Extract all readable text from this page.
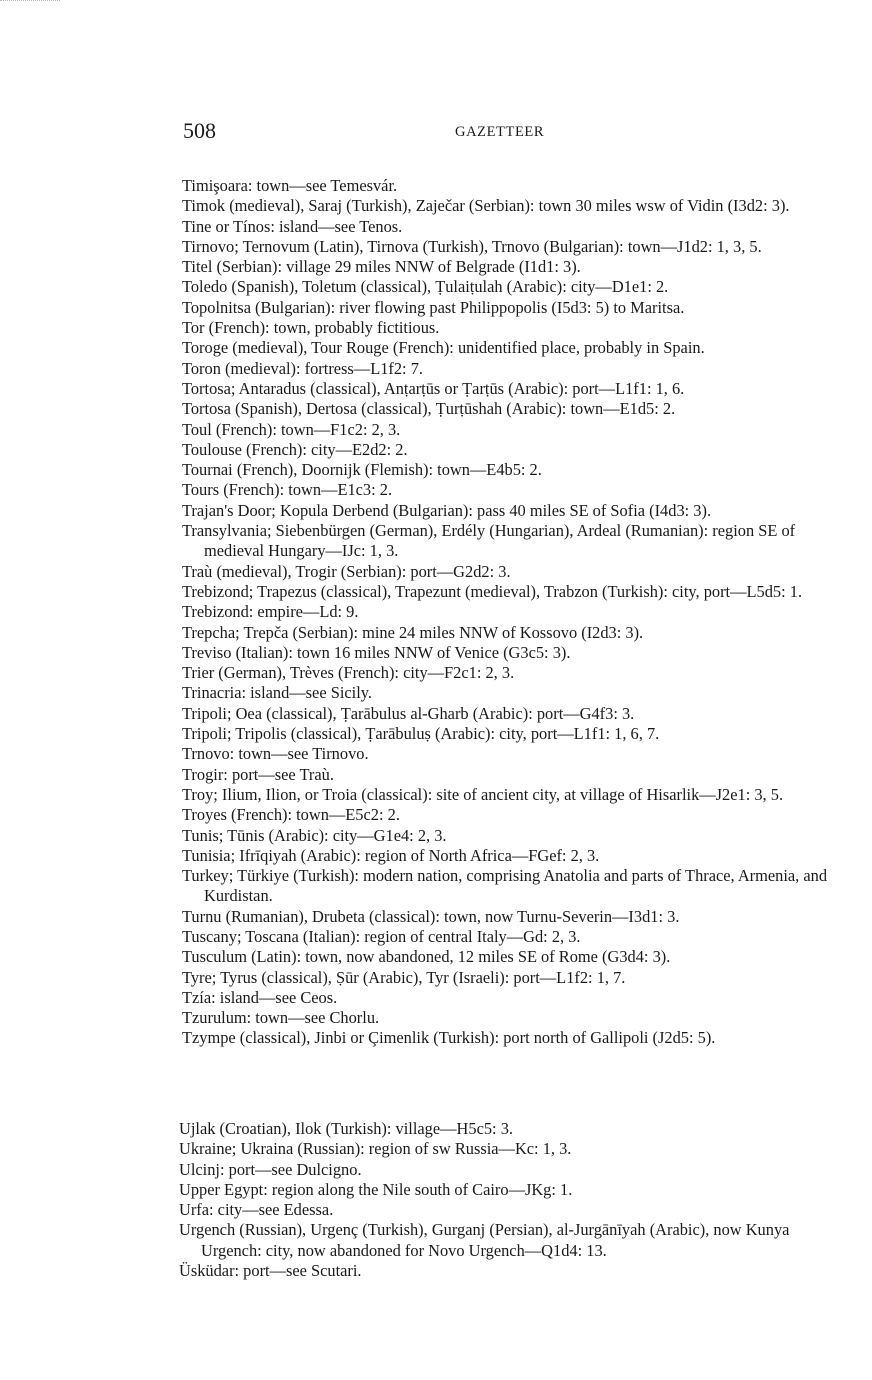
508	GAZETTEER
Timişoara: town—see Temesvár.
Timok (medieval), Saraj (Turkish), Zaječar (Serbian): town 30 miles wsw of Vidin (I3d2: 3).
Tine or Tínos: island—see Tenos.
Tirnovo; Ternovum (Latin), Tirnova (Turkish), Trnovo (Bulgarian): town—J1d2: 1, 3, 5.
Titel (Serbian): village 29 miles NNW of Belgrade (I1d1: 3).
Toledo (Spanish), Toletum (classical), Ṭulaiṭulah (Arabic): city—D1e1: 2.
Topolnitsa (Bulgarian): river flowing past Philippopolis (I5d3: 5) to Maritsa.
Tor (French): town, probably fictitious.
Toroge (medieval), Tour Rouge (French): unidentified place, probably in Spain.
Toron (medieval): fortress—L1f2: 7.
Tortosa; Antaradus (classical), Anṭarṭūs or Ṭarṭūs (Arabic): port—L1f1: 1, 6.
Tortosa (Spanish), Dertosa (classical), Ṭurṭūshah (Arabic): town—E1d5: 2.
Toul (French): town—F1c2: 2, 3.
Toulouse (French): city—E2d2: 2.
Tournai (French), Doornijk (Flemish): town—E4b5: 2.
Tours (French): town—E1c3: 2.
Trajan's Door; Kopula Derbend (Bulgarian): pass 40 miles SE of Sofia (I4d3: 3).
Transylvania; Siebenbürgen (German), Erdély (Hungarian), Ardeal (Rumanian): region SE of medieval Hungary—IJc: 1, 3.
Traù (medieval), Trogir (Serbian): port—G2d2: 3.
Trebizond; Trapezus (classical), Trapezunt (medieval), Trabzon (Turkish): city, port—L5d5: 1.
Trebizond: empire—Ld: 9.
Trepcha; Trepča (Serbian): mine 24 miles NNW of Kossovo (I2d3: 3).
Treviso (Italian): town 16 miles NNW of Venice (G3c5: 3).
Trier (German), Trèves (French): city—F2c1: 2, 3.
Trinacria: island—see Sicily.
Tripoli; Oea (classical), Ṭarābulus al-Gharb (Arabic): port—G4f3: 3.
Tripoli; Tripolis (classical), Ṭarābuluṣ (Arabic): city, port—L1f1: 1, 6, 7.
Trnovo: town—see Tirnovo.
Trogir: port—see Traù.
Troy; Ilium, Ilion, or Troia (classical): site of ancient city, at village of Hisarlik—J2e1: 3, 5.
Troyes (French): town—E5c2: 2.
Tunis; Tūnis (Arabic): city—G1e4: 2, 3.
Tunisia; Ifrīqiyah (Arabic): region of North Africa—FGef: 2, 3.
Turkey; Türkiye (Turkish): modern nation, comprising Anatolia and parts of Thrace, Armenia, and Kurdistan.
Turnu (Rumanian), Drubeta (classical): town, now Turnu-Severin—I3d1: 3.
Tuscany; Toscana (Italian): region of central Italy—Gd: 2, 3.
Tusculum (Latin): town, now abandoned, 12 miles SE of Rome (G3d4: 3).
Tyre; Tyrus (classical), Ṣūr (Arabic), Tyr (Israeli): port—L1f2: 1, 7.
Tzía: island—see Ceos.
Tzurulum: town—see Chorlu.
Tzympe (classical), Jinbi or Çimenlik (Turkish): port north of Gallipoli (J2d5: 5).
Ujlak (Croatian), Ilok (Turkish): village—H5c5: 3.
Ukraine; Ukraina (Russian): region of sw Russia—Kc: 1, 3.
Ulcinj: port—see Dulcigno.
Upper Egypt: region along the Nile south of Cairo—JKg: 1.
Urfa: city—see Edessa.
Urgench (Russian), Urgenç (Turkish), Gurganj (Persian), al-Jurgānīyah (Arabic), now Kunya Urgench: city, now abandoned for Novo Urgench—Q1d4: 13.
Üsküdar: port—see Scutari.
